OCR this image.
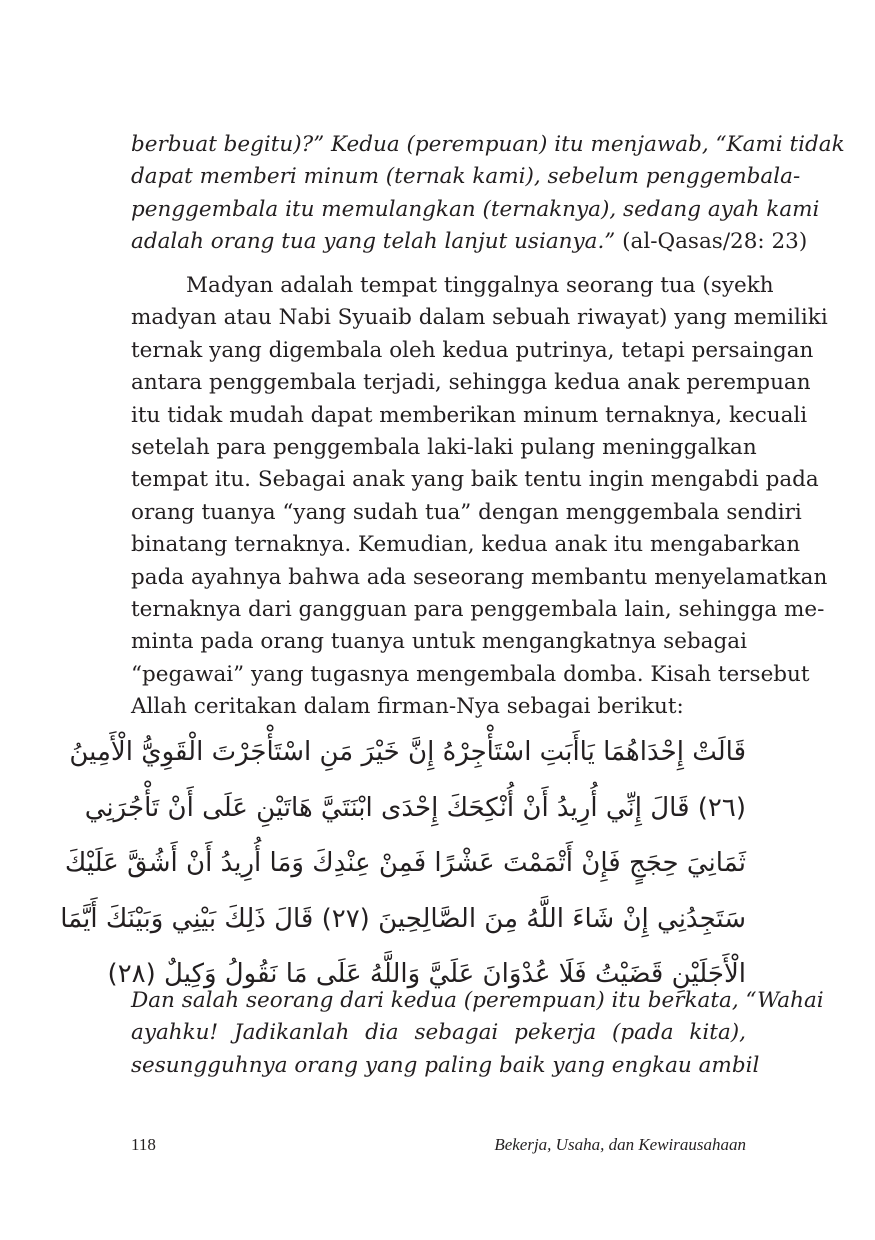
berbuat begitu)?” Kedua (perempuan) itu menjawab, “Kami tidak
dapat memberi minum (ternak kami), sebelum penggembala-
penggembala itu memulangkan (ternaknya), sedang ayah kami
adalah orang tua yang telah lanjut usianya.” (al-Qasas/28: 23)
Madyan adalah tempat tinggalnya seorang tua (syekh
madyan atau Nabi Syuaib dalam sebuah riwayat) yang memiliki
ternak yang digembala oleh kedua putrinya, tetapi persaingan
antara penggembala terjadi, sehingga kedua anak perempuan
itu tidak mudah dapat memberikan minum ternaknya, kecuali
setelah para penggembala laki-laki pulang meninggalkan
tempat itu. Sebagai anak yang baik tentu ingin mengabdi pada
orang tuanya “yang sudah tua” dengan menggembala sendiri
binatang ternaknya. Kemudian, kedua anak itu mengabarkan
pada ayahnya bahwa ada seseorang membantu menyelamatkan
ternaknya dari gangguan para penggembala lain, sehingga me-
minta pada orang tuanya untuk mengangkatnya sebagai
“pegawai” yang tugasnya mengembala domba. Kisah tersebut
Allah ceritakan dalam firman-Nya sebagai berikut:
قَالَتْ إِحْدَاهُمَا يَاأَبَتِ اسْتَأْجِرْهُ إِنَّ خَيْرَ مَنِ اسْتَأْجَرْتَ الْقَوِيُّ الْأَمِينُ
(٢٦) قَالَ إِنِّي أُرِيدُ أَنْ أُنْكِحَكَ إِحْدَى ابْنَتَيَّ هَاتَيْنِ عَلَى أَنْ تَأْجُرَنِي
ثَمَانِيَ حِجَجٍ فَإِنْ أَتْمَمْتَ عَشْرًا فَمِنْ عِنْدِكَ وَمَا أُرِيدُ أَنْ أَشُقَّ عَلَيْكَ
سَتَجِدُنِي إِنْ شَاءَ اللَّهُ مِنَ الصَّالِحِينَ (٢٧) قَالَ ذَلِكَ بَيْنِي وَبَيْنَكَ أَيَّمَا
الْأَجَلَيْنِ قَضَيْتُ فَلَا عُدْوَانَ عَلَيَّ وَاللَّهُ عَلَى مَا نَقُولُ وَكِيلٌ (٢٨)
Dan salah seorang dari kedua (perempuan) itu berkata, “Wahai
ayahku! Jadikanlah dia sebagai pekerja (pada kita),
sesungguhnya orang yang paling baik yang engkau ambil
118	Bekerja, Usaha, dan Kewirausahaan
